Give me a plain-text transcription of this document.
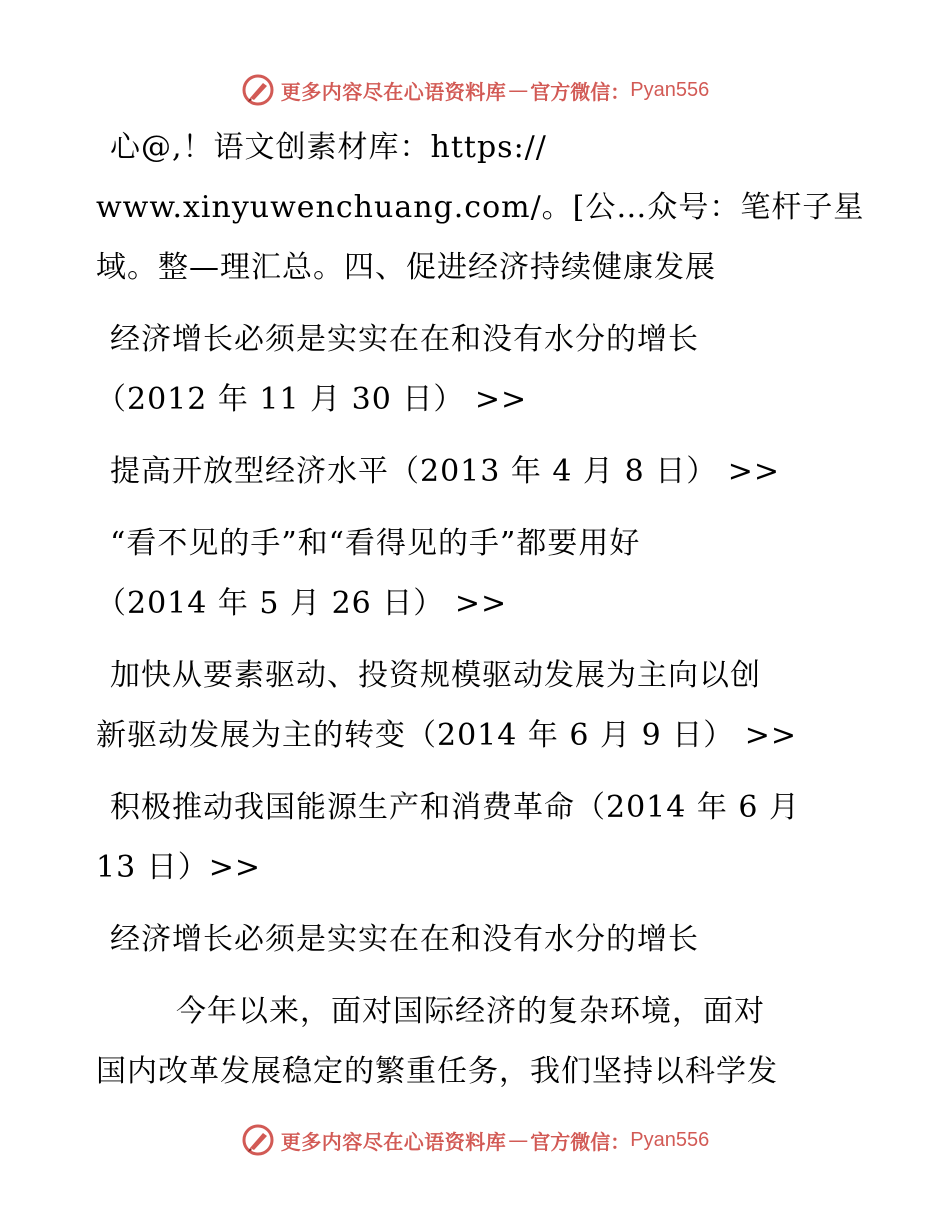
更多内容尽在心语资料库 — 官方微信： Pyan556
心@,！语文创素材库：https://
www.xinyuwenchuang.com/。[公…众号：笔杆子星
域。整—理汇总。四、促进经济持续健康发展
经济增长必须是实实在在和没有水分的增长
（2012 年 11 月 30 日） >>
提高开放型经济水平（2013 年 4 月 8 日） >>
“看不见的手”和“看得见的手”都要用好
（2014 年 5 月 26 日） >>
加快从要素驱动、投资规模驱动发展为主向以创
新驱动发展为主的转变（2014 年 6 月 9 日） >>
积极推动我国能源生产和消费革命（2014 年 6 月
13 日）>>
经济增长必须是实实在在和没有水分的增长
今年以来，面对国际经济的复杂环境，面对
国内改革发展稳定的繁重任务，我们坚持以科学发
更多内容尽在心语资料库 — 官方微信： Pyan556
